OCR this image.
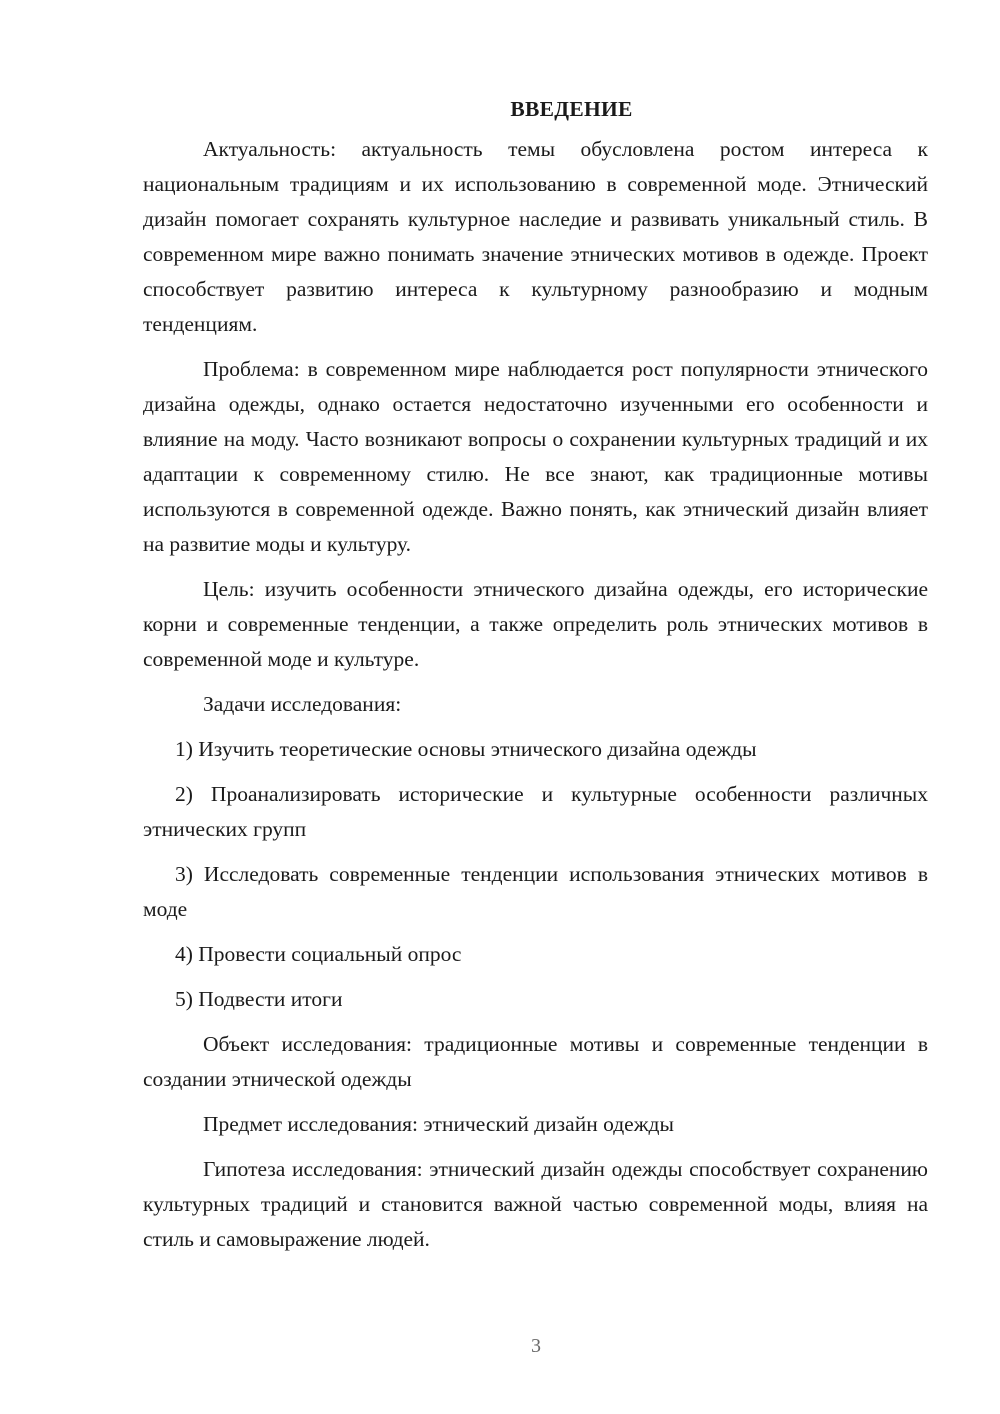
ВВЕДЕНИЕ

Актуальность: актуальность темы обусловлена ростом интереса к национальным традициям и их использованию в современной моде. Этнический дизайн помогает сохранять культурное наследие и развивать уникальный стиль. В современном мире важно понимать значение этнических мотивов в одежде. Проект способствует развитию интереса к культурному разнообразию и модным тенденциям.

Проблема: в современном мире наблюдается рост популярности этнического дизайна одежды, однако остается недостаточно изученными его особенности и влияние на моду. Часто возникают вопросы о сохранении культурных традиций и их адаптации к современному стилю. Не все знают, как традиционные мотивы используются в современной одежде. Важно понять, как этнический дизайн влияет на развитие моды и культуру.

Цель: изучить особенности этнического дизайна одежды, его исторические корни и современные тенденции, а также определить роль этнических мотивов в современной моде и культуре.

Задачи исследования:

1) Изучить теоретические основы этнического дизайна одежды

2) Проанализировать исторические и культурные особенности различных этнических групп

3) Исследовать современные тенденции использования этнических мотивов в моде

4) Провести социальный опрос

5) Подвести итоги

Объект исследования: традиционные мотивы и современные тенденции в создании этнической одежды

Предмет исследования: этнический дизайн одежды

Гипотеза исследования: этнический дизайн одежды способствует сохранению культурных традиций и становится важной частью современной моды, влияя на стиль и самовыражение людей.

3
